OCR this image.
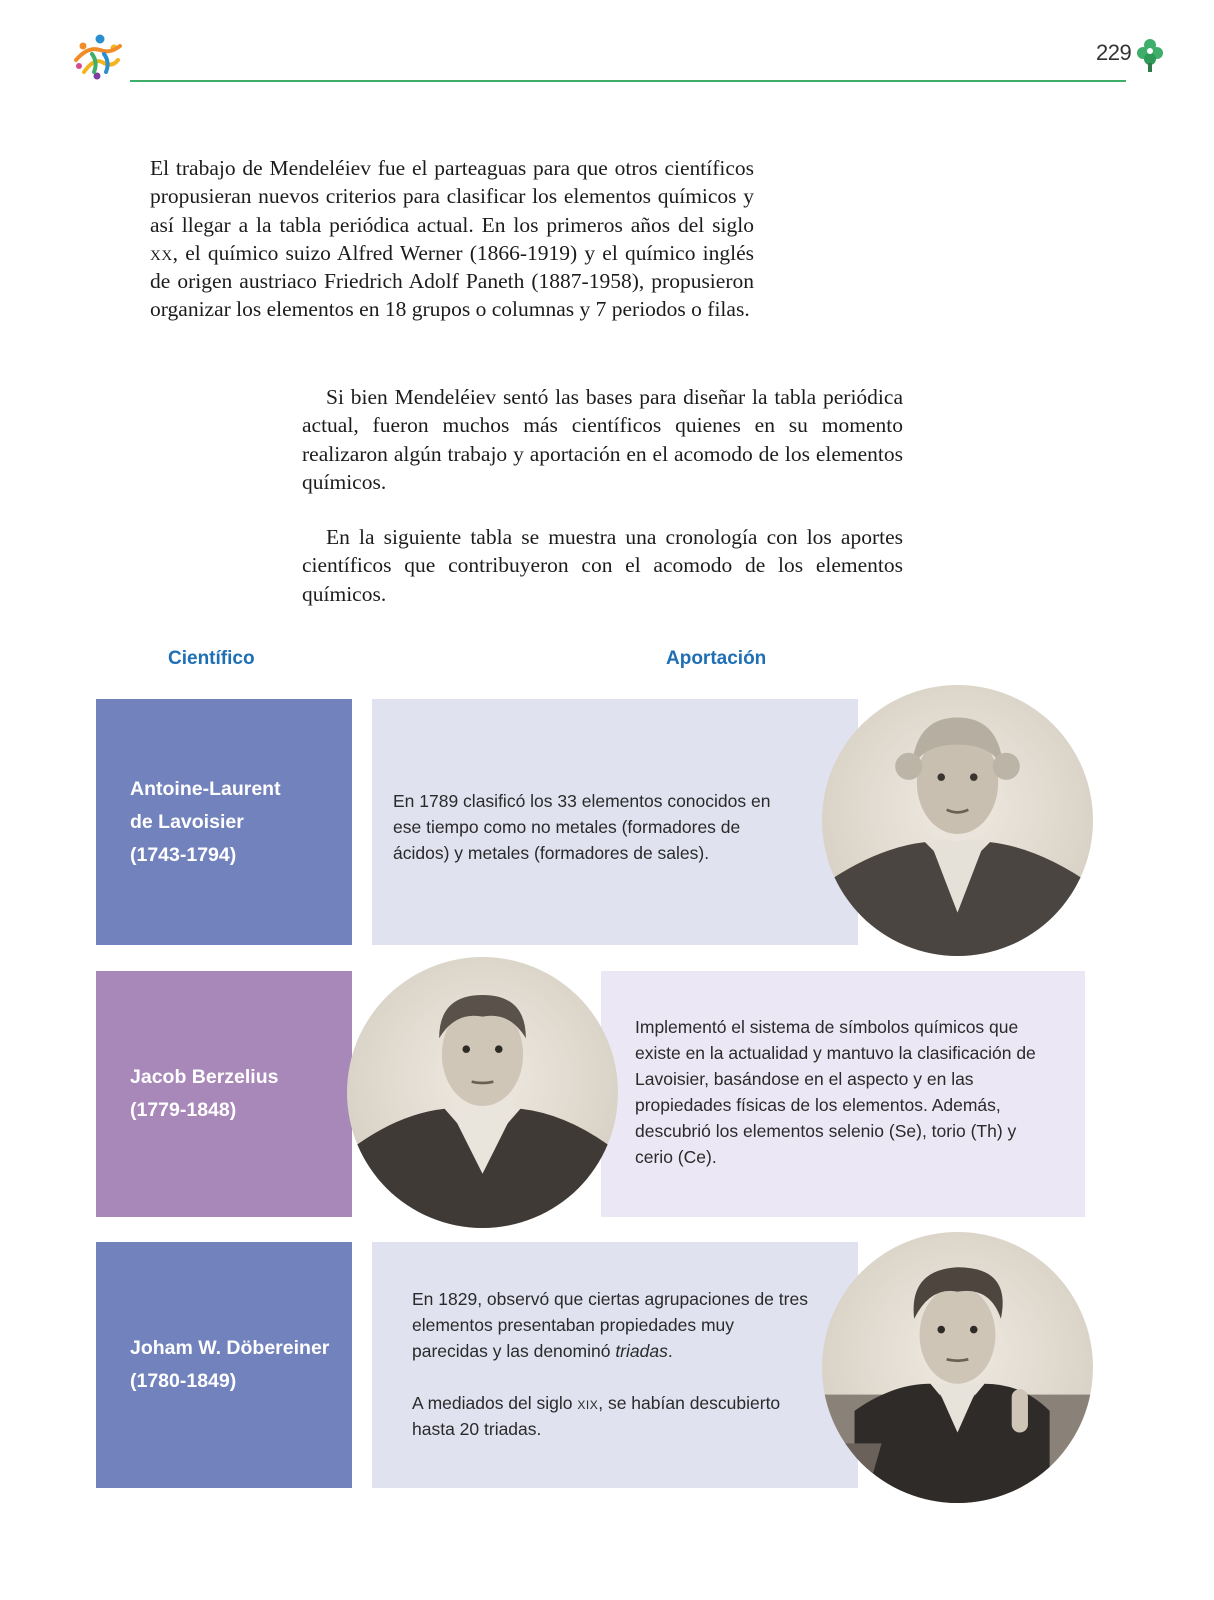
229

El trabajo de Mendeléiev fue el parteaguas para que otros científicos propusieran nuevos criterios para clasificar los elementos químicos y así llegar a la tabla periódica actual. En los primeros años del siglo xx, el químico suizo Alfred Werner (1866-1919) y el químico inglés de origen austriaco Friedrich Adolf Paneth (1887-1958), propusieron organizar los elementos en 18 grupos o columnas y 7 periodos o filas.

Si bien Mendeléiev sentó las bases para diseñar la tabla periódica actual, fueron muchos más científicos quienes en su momento realizaron algún trabajo y aportación en el acomodo de los elementos químicos.

En la siguiente tabla se muestra una cronología con los aportes científicos que contribuyeron con el acomodo de los elementos químicos.

Científico	Aportación
Antoine-Laurent
de Lavoisier
(1743-1794)

En 1789 clasificó los 33 elementos conocidos en ese tiempo como no metales (formadores de ácidos) y metales (formadores de sales).

Jacob Berzelius
(1779-1848)

Implementó el sistema de símbolos químicos que existe en la actualidad y mantuvo la clasificación de Lavoisier, basándose en el aspecto y en las propiedades físicas de los elementos. Además, descubrió los elementos selenio (Se), torio (Th) y cerio (Ce).

Joham W. Döbereiner
(1780-1849)

En 1829, observó que ciertas agrupaciones de tres elementos presentaban propiedades muy parecidas y las denominó triadas.

A mediados del siglo xix, se habían descubierto hasta 20 triadas.
